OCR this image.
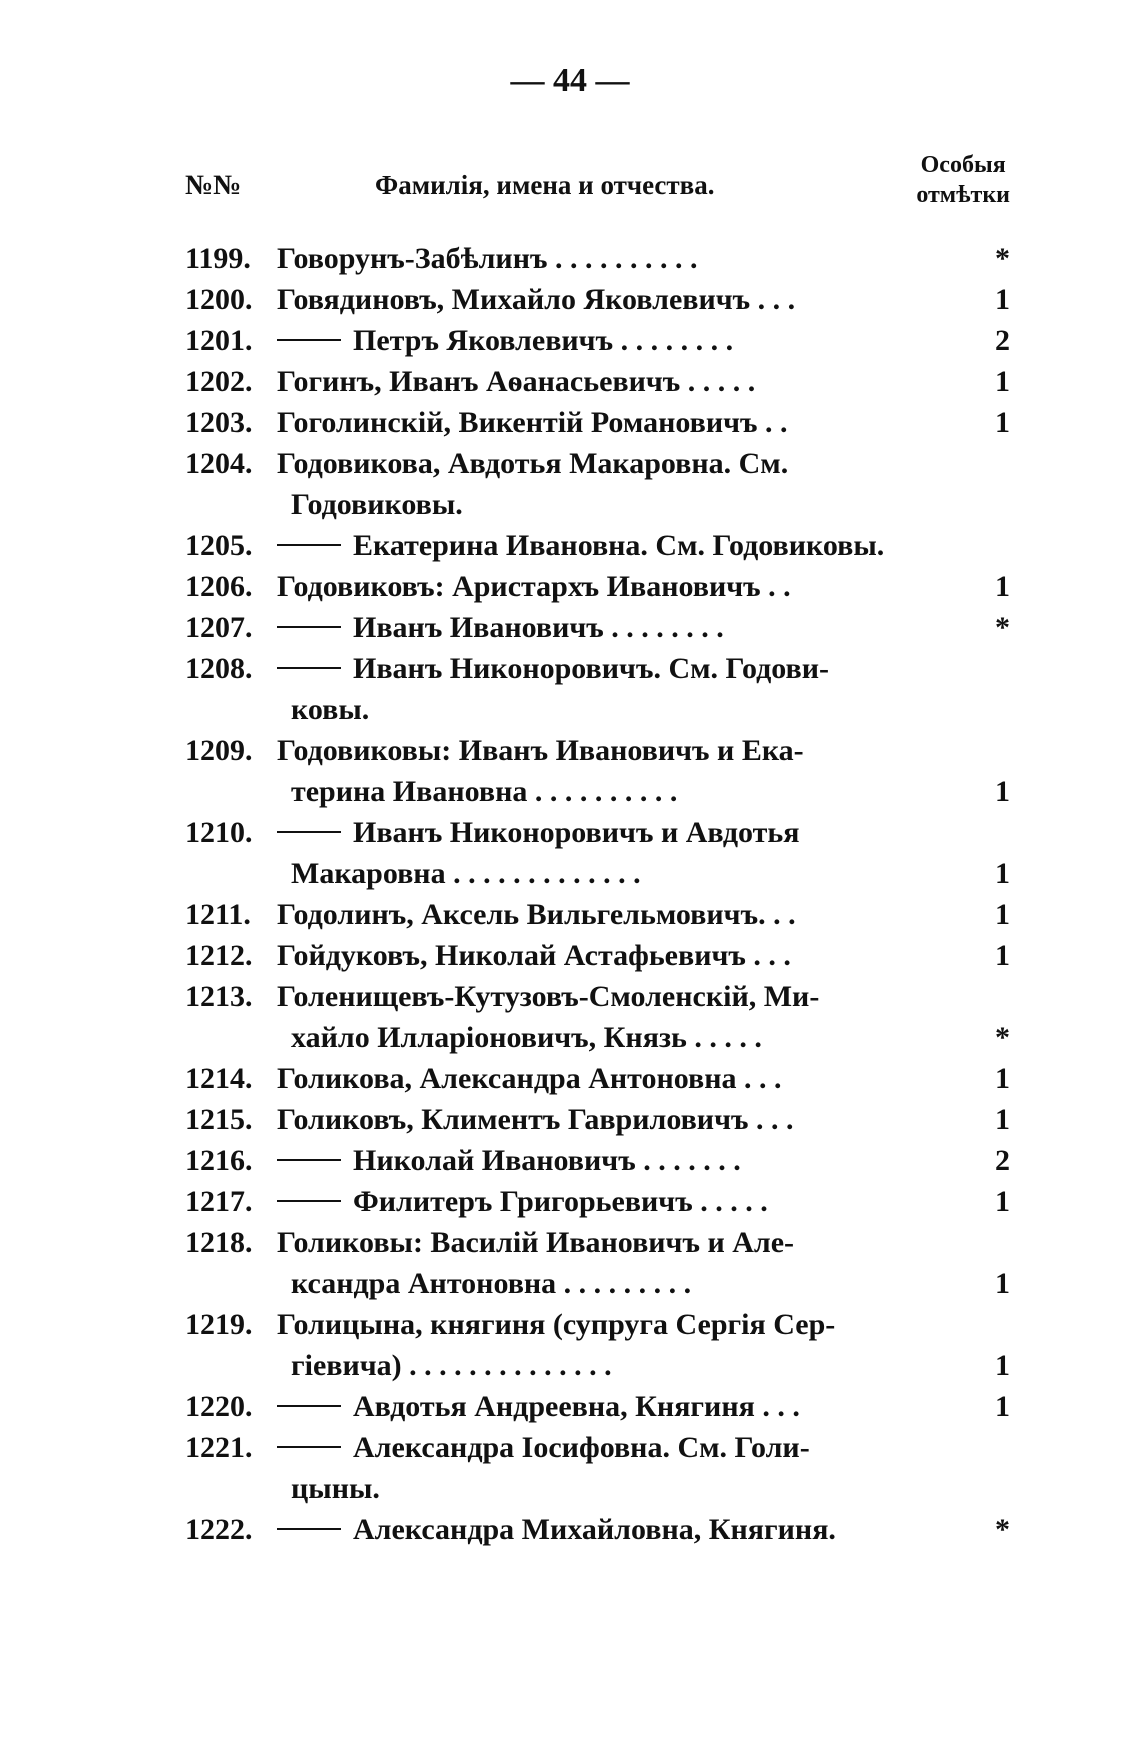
— 44 —
№№	Фамилія, имена и отчества.
Особыя
отмѣтки
1199. Говорунъ-Забѣлинъ . . . . . . . . . .	*
1200. Говядиновъ, Михайло Яковлевичъ . . .	1
1201.	Петръ Яковлевичъ . . . . . . . .	2
1202. Гогинъ, Иванъ Аѳанасьевичъ . . . . .	1
1203. Гоголинскій, Викентій Романовичъ . .	1
1204. Годовикова, Авдотья Макаровна. См.
Годовиковы.
1205.	Екатерина Ивановна. См. Годовиковы.
1206. Годовиковъ: Аристархъ Ивановичъ . .	1
1207.	Иванъ Ивановичъ . . . . . . . .	*
1208.	Иванъ Никонoровичъ. См. Годови-
ковы.
1209. Годовиковы: Иванъ Ивановичъ и Ека-
терина Ивановна . . . . . . . . . .	1
1210.	Иванъ Никонoровичъ и Авдотья
Макаровна . . . . . . . . . . . . .	1
1211. Годолинъ, Аксель Вильгельмовичъ. . .	1
1212. Гойдуковъ, Николай Астафьевичъ . . .	1
1213. Голенищевъ-Кутузовъ-Смоленскій, Ми-
хайло Илларіоновичъ, Князь . . . . .	*
1214. Голикова, Александра Антоновна . . .	1
1215. Голиковъ, Климентъ Гавриловичъ . . .	1
1216.	Николай Ивановичъ . . . . . . .	2
1217.	Филитеръ Григорьевичъ . . . . .	1
1218. Голиковы: Василій Ивановичъ и Але-
ксандра Антоновна . . . . . . . . .	1
1219. Голицына, княгиня (супруга Сергія Сер-
гіевича) . . . . . . . . . . . . . .	1
1220.	Авдотья Андреевна, Княгиня . . .	1
1221.	Александра Іосифовна. См. Голи-
цыны.
1222.	Александра Михайловна, Княгиня.	*
